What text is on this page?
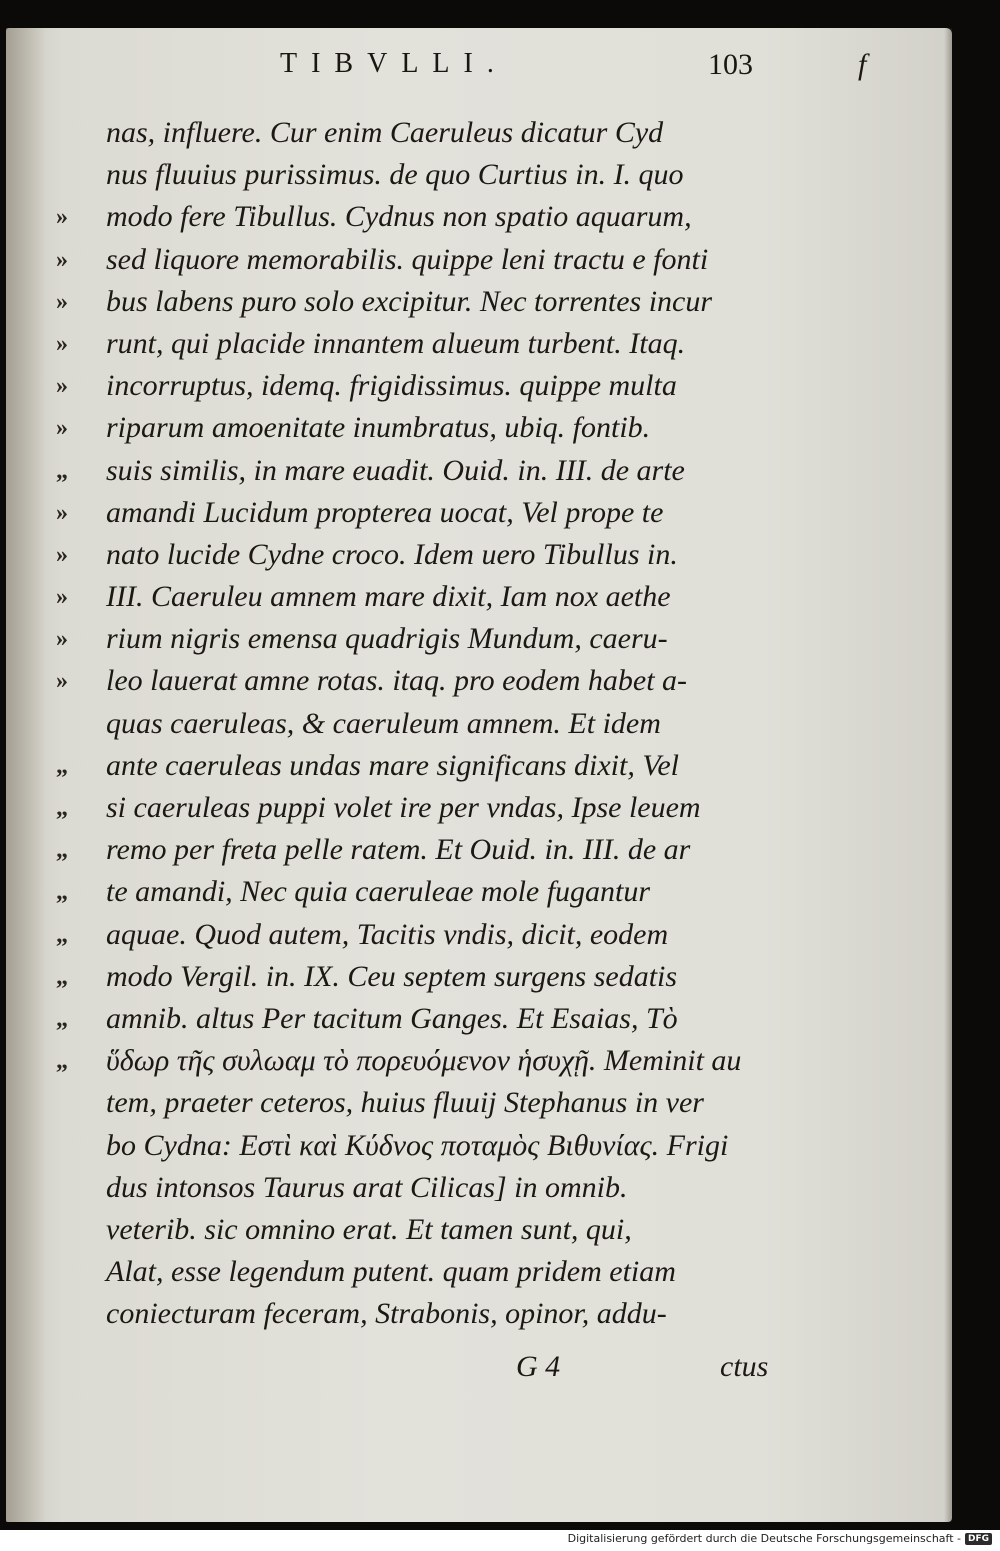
TIBVLLI.	103	f
nas, influere. Cur enim Caeruleus dicatur Cyd
nus fluuius purissimus. de quo Curtius in. I. quo
»	modo fere Tibullus. Cydnus non spatio aquarum,
»	sed liquore memorabilis. quippe leni tractu e fonti
»	bus labens puro solo excipitur. Nec torrentes incur
»	runt, qui placide innantem alueum turbent. Itaq.
»	incorruptus, idemq. frigidissimus. quippe multa
»	riparum amoenitate inumbratus, ubiq. fontib.
„	suis similis, in mare euadit. Ouid. in. III. de arte
»	amandi Lucidum propterea uocat, Vel prope te
»	nato lucide Cydne croco. Idem uero Tibullus in.
»	III. Caeruleu amnem mare dixit, Iam nox aethe
»	rium nigris emensa quadrigis Mundum, caeru-
»	leo lauerat amne rotas. itaq. pro eodem habet a-
quas caeruleas, & caeruleum amnem. Et idem
„	ante caeruleas undas mare significans dixit, Vel
„	si caeruleas puppi volet ire per vndas, Ipse leuem
„	remo per freta pelle ratem. Et Ouid. in. III. de ar
„	te amandi, Nec quia caeruleae mole fugantur
„	aquae. Quod autem, Tacitis vndis, dicit, eodem
„	modo Vergil. in. IX. Ceu septem surgens sedatis
„	amnib. altus Per tacitum Ganges. Et Esaias, Tὸ
„	ὕδωρ τῆς συλωαμ τὸ πορευόμενον ἡσυχῇ. Meminit au
tem, praeter ceteros, huius fluuij Stephanus in ver
bo Cydna: Εστὶ καὶ Κύδνος ποταμὸς Βιθυνίας. Frigi
dus intonsos Taurus arat Cilicas] in omnib.
veterib. sic omnino erat. Et tamen sunt, qui,
Alat, esse legendum putent. quam pridem etiam
coniecturam feceram, Strabonis, opinor, addu-
G 4	ctus
Digitalisierung gefördert durch die Deutsche Forschungsgemeinschaft - DFG
